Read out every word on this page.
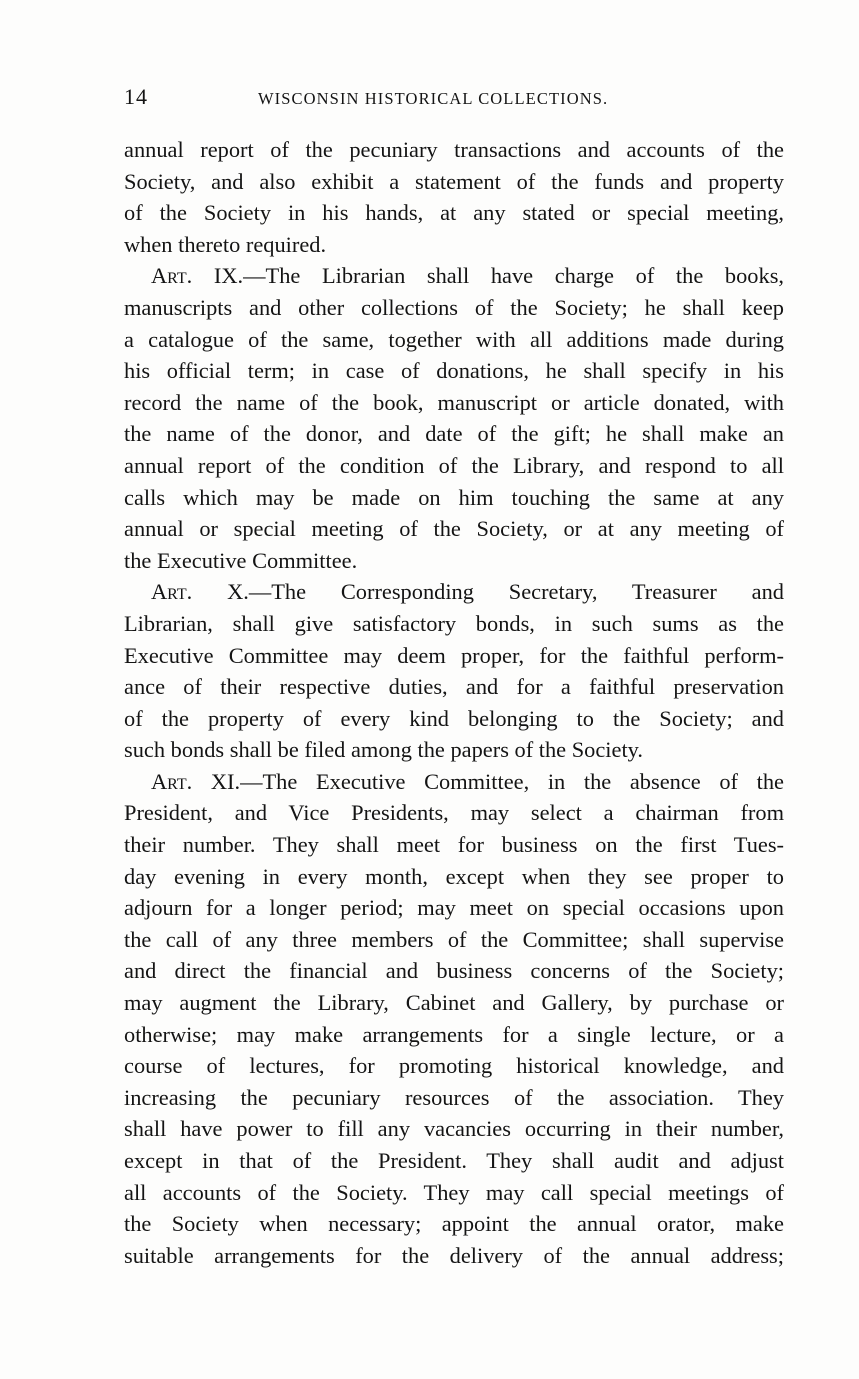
14	WISCONSIN HISTORICAL COLLECTIONS.
annual report of the pecuniary transactions and accounts of the
Society, and also exhibit a statement of the funds and property
of the Society in his hands, at any stated or special meeting,
when thereto required.
Art. IX.—The Librarian shall have charge of the books,
manuscripts and other collections of the Society; he shall keep
a catalogue of the same, together with all additions made during
his official term; in case of donations, he shall specify in his
record the name of the book, manuscript or article donated, with
the name of the donor, and date of the gift; he shall make an
annual report of the condition of the Library, and respond to all
calls which may be made on him touching the same at any
annual or special meeting of the Society, or at any meeting of
the Executive Committee.
Art. X.—The Corresponding Secretary, Treasurer and
Librarian, shall give satisfactory bonds, in such sums as the
Executive Committee may deem proper, for the faithful perform-
ance of their respective duties, and for a faithful preservation
of the property of every kind belonging to the Society; and
such bonds shall be filed among the papers of the Society.
Art. XI.—The Executive Committee, in the absence of the
President, and Vice Presidents, may select a chairman from
their number. They shall meet for business on the first Tues-
day evening in every month, except when they see proper to
adjourn for a longer period; may meet on special occasions upon
the call of any three members of the Committee; shall supervise
and direct the financial and business concerns of the Society;
may augment the Library, Cabinet and Gallery, by purchase or
otherwise; may make arrangements for a single lecture, or a
course of lectures, for promoting historical knowledge, and
increasing the pecuniary resources of the association. They
shall have power to fill any vacancies occurring in their number,
except in that of the President. They shall audit and adjust
all accounts of the Society. They may call special meetings of
the Society when necessary; appoint the annual orator, make
suitable arrangements for the delivery of the annual address;
